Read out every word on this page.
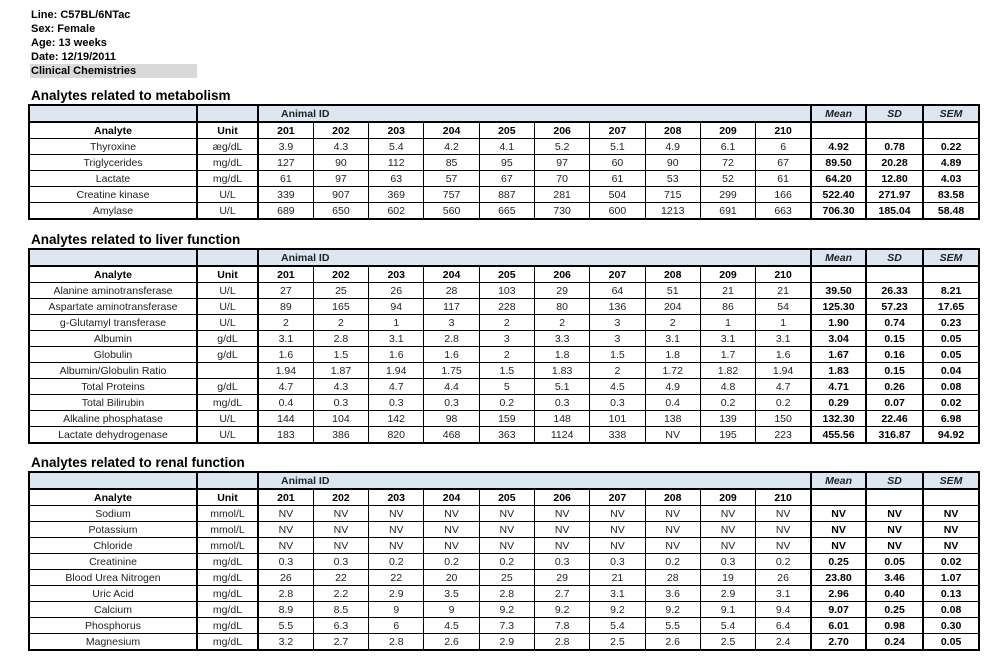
Line: C57BL/6NTac
Sex: Female
Age: 13 weeks
Date: 12/19/2011
Clinical Chemistries
Analytes related to metabolism
		Animal ID										Mean	SD	SEM
Analyte	Unit	201	202	203	204	205	206	207	208	209	210			
Thyroxine	æg/dL	3.9	4.3	5.4	4.2	4.1	5.2	5.1	4.9	6.1	6	4.92	0.78	0.22
Triglycerides	mg/dL	127	90	112	85	95	97	60	90	72	67	89.50	20.28	4.89
Lactate	mg/dL	61	97	63	57	67	70	61	53	52	61	64.20	12.80	4.03
Creatine kinase	U/L	339	907	369	757	887	281	504	715	299	166	522.40	271.97	83.58
Amylase	U/L	689	650	602	560	665	730	600	1213	691	663	706.30	185.04	58.48
Analytes related to liver function
		Animal ID										Mean	SD	SEM
Analyte	Unit	201	202	203	204	205	206	207	208	209	210			
Alanine aminotransferase	U/L	27	25	26	28	103	29	64	51	21	21	39.50	26.33	8.21
Aspartate aminotransferase	U/L	89	165	94	117	228	80	136	204	86	54	125.30	57.23	17.65
g-Glutamyl transferase	U/L	2	2	1	3	2	2	3	2	1	1	1.90	0.74	0.23
Albumin	g/dL	3.1	2.8	3.1	2.8	3	3.3	3	3.1	3.1	3.1	3.04	0.15	0.05
Globulin	g/dL	1.6	1.5	1.6	1.6	2	1.8	1.5	1.8	1.7	1.6	1.67	0.16	0.05
Albumin/Globulin Ratio		1.94	1.87	1.94	1.75	1.5	1.83	2	1.72	1.82	1.94	1.83	0.15	0.04
Total Proteins	g/dL	4.7	4.3	4.7	4.4	5	5.1	4.5	4.9	4.8	4.7	4.71	0.26	0.08
Total Bilirubin	mg/dL	0.4	0.3	0.3	0.3	0.2	0.3	0.3	0.4	0.2	0.2	0.29	0.07	0.02
Alkaline phosphatase	U/L	144	104	142	98	159	148	101	138	139	150	132.30	22.46	6.98
Lactate dehydrogenase	U/L	183	386	820	468	363	1124	338	NV	195	223	455.56	316.87	94.92
Analytes related to renal function
		Animal ID										Mean	SD	SEM
Analyte	Unit	201	202	203	204	205	206	207	208	209	210			
Sodium	mmol/L	NV	NV	NV	NV	NV	NV	NV	NV	NV	NV	NV	NV	NV
Potassium	mmol/L	NV	NV	NV	NV	NV	NV	NV	NV	NV	NV	NV	NV	NV
Chloride	mmol/L	NV	NV	NV	NV	NV	NV	NV	NV	NV	NV	NV	NV	NV
Creatinine	mg/dL	0.3	0.3	0.2	0.2	0.2	0.3	0.3	0.2	0.3	0.2	0.25	0.05	0.02
Blood Urea Nitrogen	mg/dL	26	22	22	20	25	29	21	28	19	26	23.80	3.46	1.07
Uric Acid	mg/dL	2.8	2.2	2.9	3.5	2.8	2.7	3.1	3.6	2.9	3.1	2.96	0.40	0.13
Calcium	mg/dL	8.9	8.5	9	9	9.2	9.2	9.2	9.2	9.1	9.4	9.07	0.25	0.08
Phosphorus	mg/dL	5.5	6.3	6	4.5	7.3	7.8	5.4	5.5	5.4	6.4	6.01	0.98	0.30
Magnesium	mg/dL	3.2	2.7	2.8	2.6	2.9	2.8	2.5	2.6	2.5	2.4	2.70	0.24	0.05
